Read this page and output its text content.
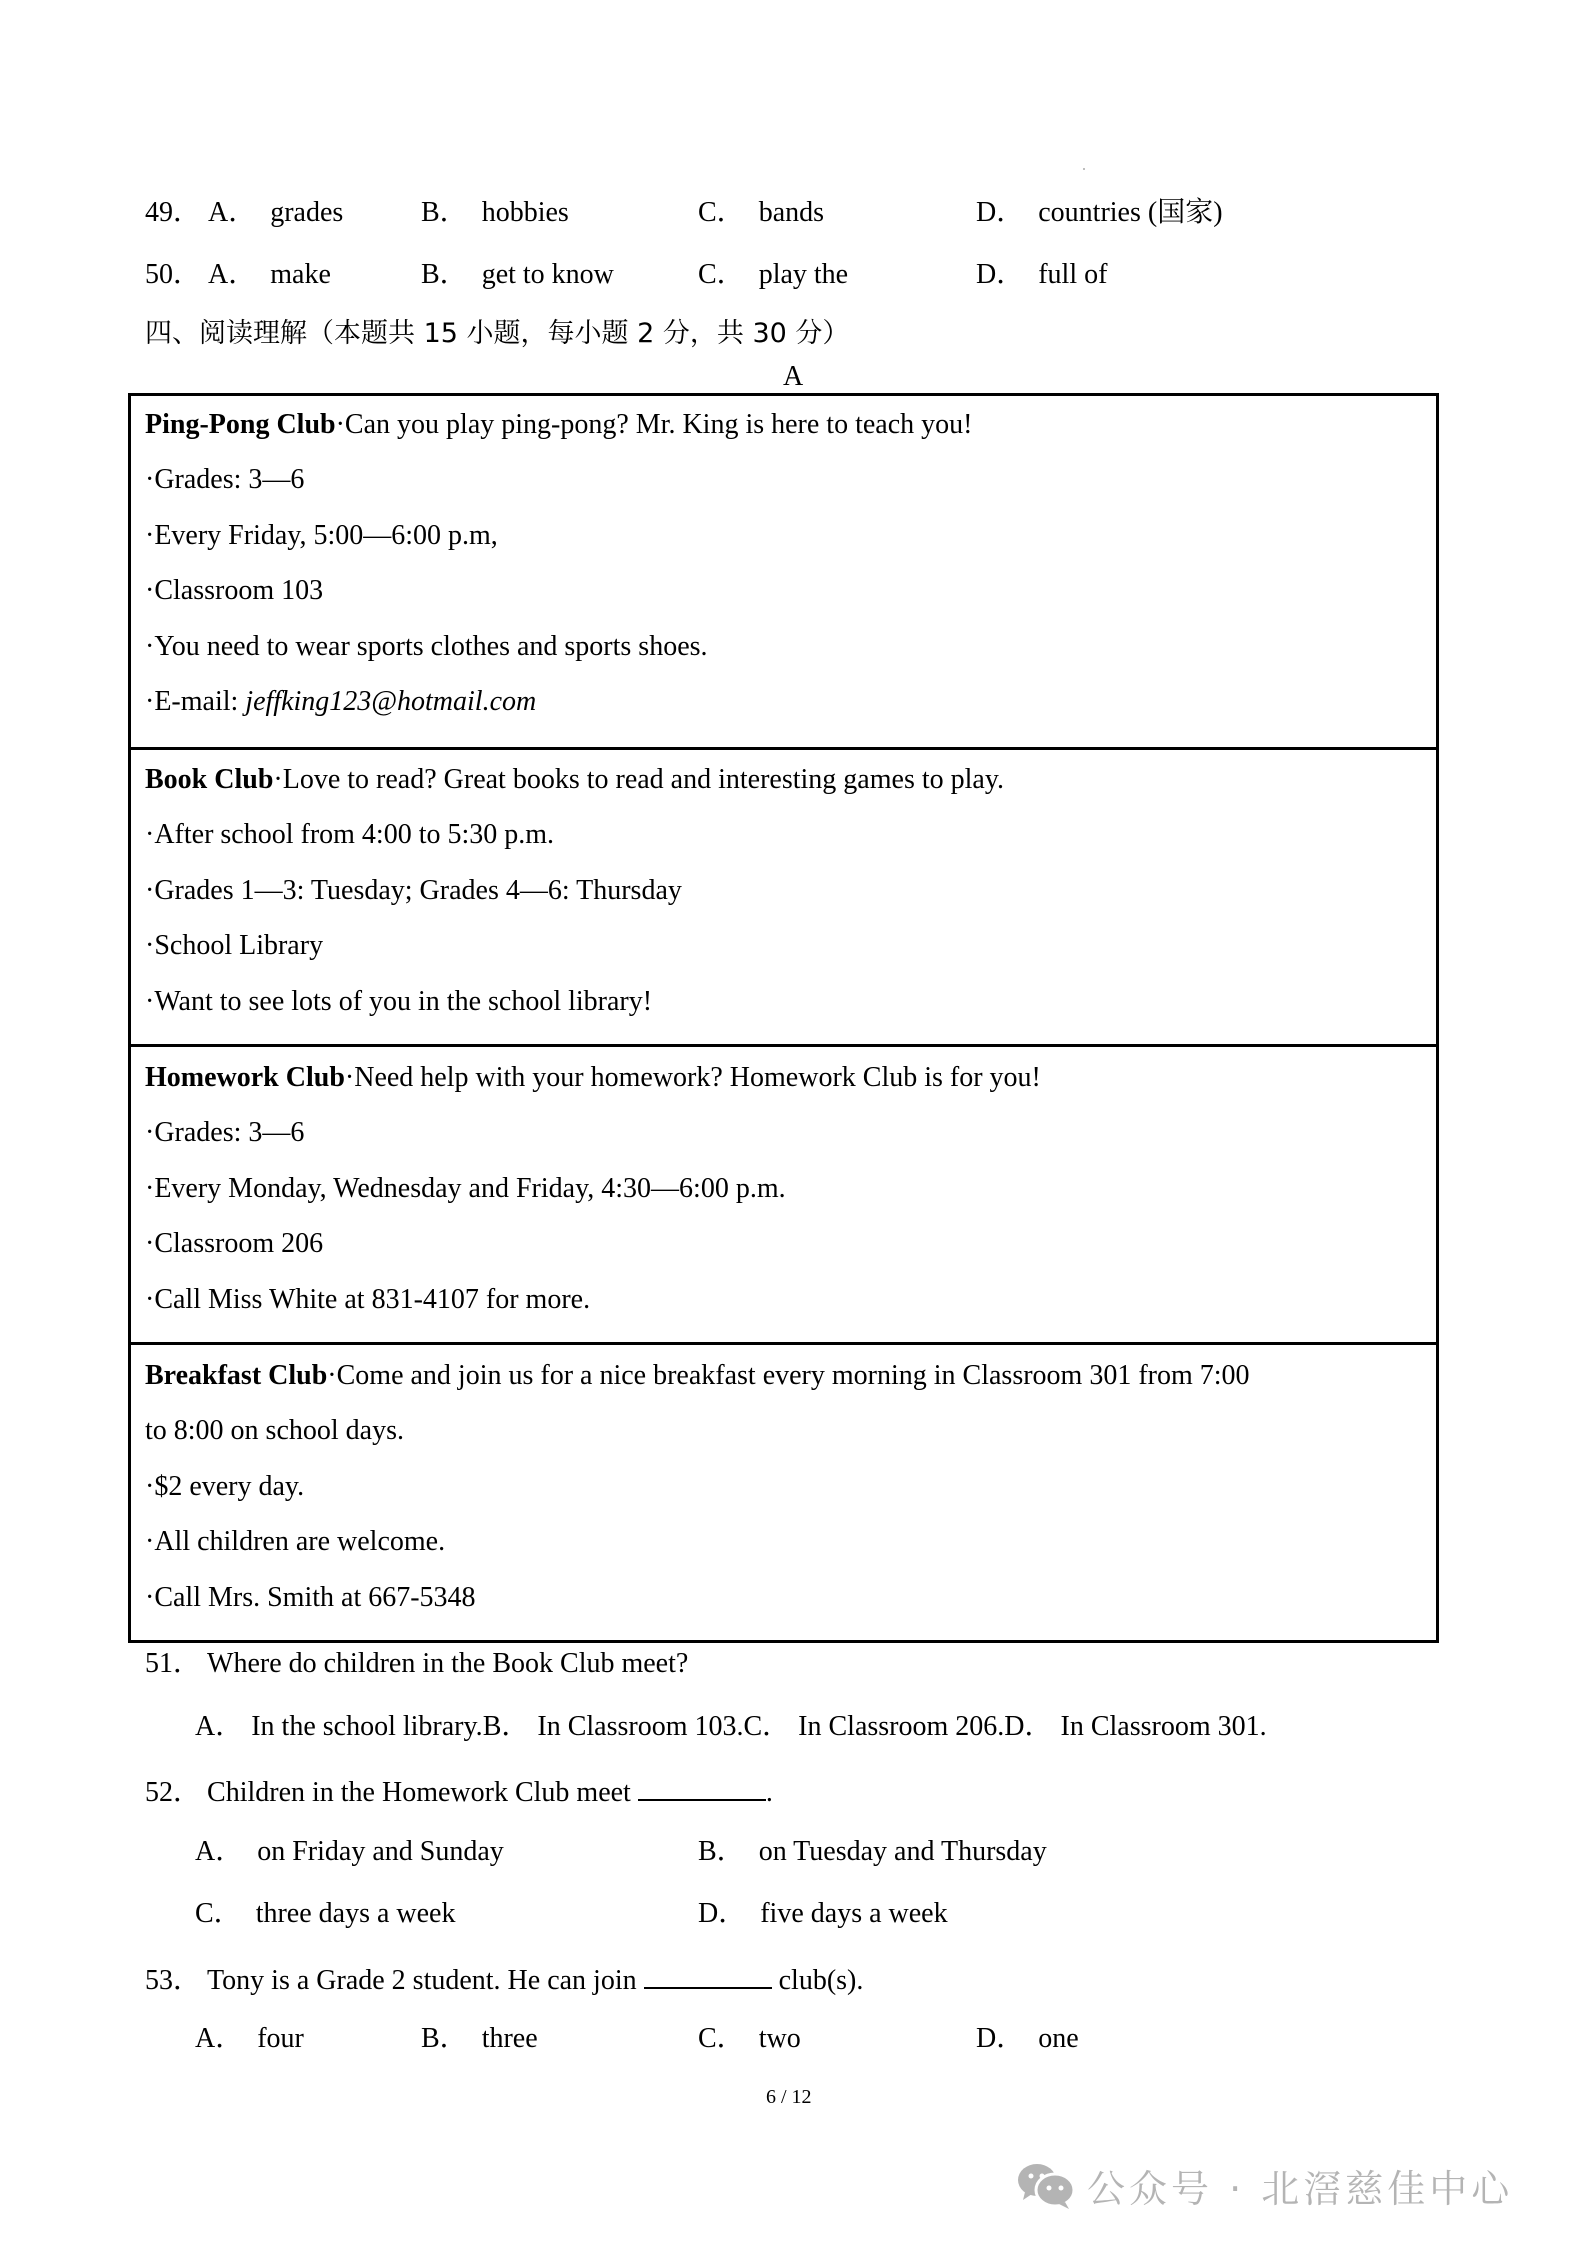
49． A． grades	B． hobbies	C． bands	D． countries (国家)
50． A． make	B． get to know	C． play the	D． full of
四、阅读理解（本题共 15 小题，每小题 2 分，共 30 分）
A
Ping-Pong Club·Can you play ping-pong? Mr. King is here to teach you!
·Grades: 3—6
·Every Friday, 5:00—6:00 p.m,
·Classroom 103
·You need to wear sports clothes and sports shoes.
·E-mail: jeffking123@hotmail.com
Book Club·Love to read? Great books to read and interesting games to play.
·After school from 4:00 to 5:30 p.m.
·Grades 1—3: Tuesday; Grades 4—6: Thursday
·School Library
·Want to see lots of you in the school library!
Homework Club·Need help with your homework? Homework Club is for you!
·Grades: 3—6
·Every Monday, Wednesday and Friday, 4:30—6:00 p.m.
·Classroom 206
·Call Miss White at 831-4107 for more.
Breakfast Club·Come and join us for a nice breakfast every morning in Classroom 301 from 7:00
to 8:00 on school days.
·$2 every day.
·All children are welcome.
·Call Mrs. Smith at 667-5348
51． Where do children in the Book Club meet?
A． In the school library.B． In Classroom 103.C． In Classroom 206.D． In Classroom 301.
52． Children in the Homework Club meet	.
A． on Friday and Sunday	B． on Tuesday and Thursday
C． three days a week	D． five days a week
53． Tony is a Grade 2 student. He can join	club(s).
A． four	B． three	C． two	D． one
6 / 12
公众号 · 北滘慈佳中心
